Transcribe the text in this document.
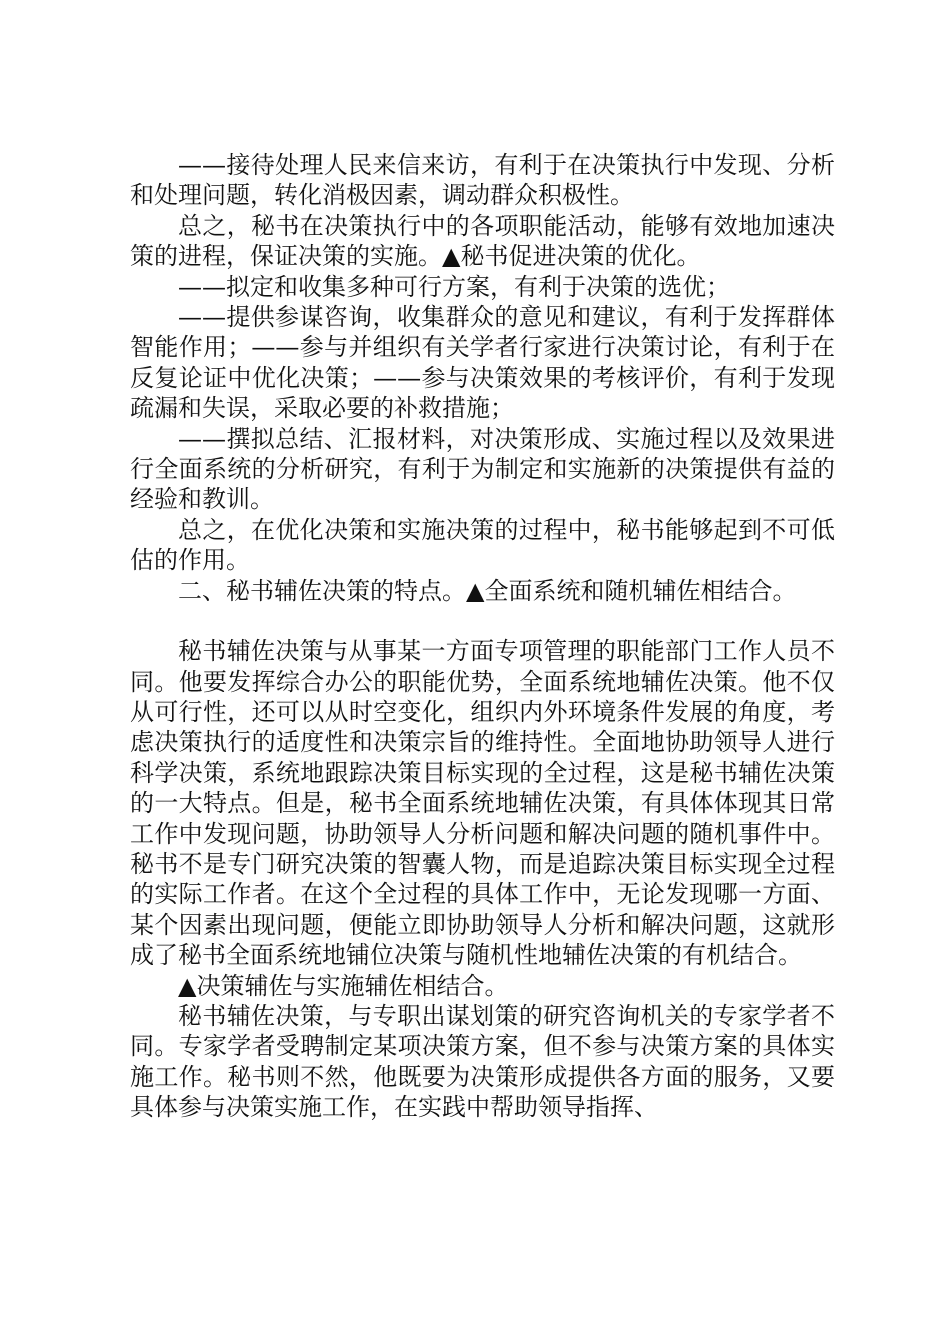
——接待处理人民来信来访，有利于在决策执行中发现、分析和处理问题，转化消极因素，调动群众积极性。

总之，秘书在决策执行中的各项职能活动，能够有效地加速决策的进程，保证决策的实施。▲秘书促进决策的优化。

——拟定和收集多种可行方案，有利于决策的选优；

——提供参谋咨询，收集群众的意见和建议，有利于发挥群体智能作用；——参与并组织有关学者行家进行决策讨论，有利于在反复论证中优化决策；——参与决策效果的考核评价，有利于发现疏漏和失误，采取必要的补救措施；

——撰拟总结、汇报材料，对决策形成、实施过程以及效果进行全面系统的分析研究，有利于为制定和实施新的决策提供有益的经验和教训。

总之，在优化决策和实施决策的过程中，秘书能够起到不可低估的作用。

二、秘书辅佐决策的特点。▲全面系统和随机辅佐相结合。

秘书辅佐决策与从事某一方面专项管理的职能部门工作人员不同。他要发挥综合办公的职能优势，全面系统地辅佐决策。他不仅从可行性，还可以从时空变化，组织内外环境条件发展的角度，考虑决策执行的适度性和决策宗旨的维持性。全面地协助领导人进行科学决策，系统地跟踪决策目标实现的全过程，这是秘书辅佐决策的一大特点。但是，秘书全面系统地辅佐决策，有具体体现其日常工作中发现问题，协助领导人分析问题和解决问题的随机事件中。秘书不是专门研究决策的智囊人物，而是追踪决策目标实现全过程的实际工作者。在这个全过程的具体工作中，无论发现哪一方面、某个因素出现问题，便能立即协助领导人分析和解决问题，这就形成了秘书全面系统地铺位决策与随机性地辅佐决策的有机结合。

▲决策辅佐与实施辅佐相结合。

秘书辅佐决策，与专职出谋划策的研究咨询机关的专家学者不同。专家学者受聘制定某项决策方案，但不参与决策方案的具体实施工作。秘书则不然，他既要为决策形成提供各方面的服务，又要具体参与决策实施工作，在实践中帮助领导指挥、
